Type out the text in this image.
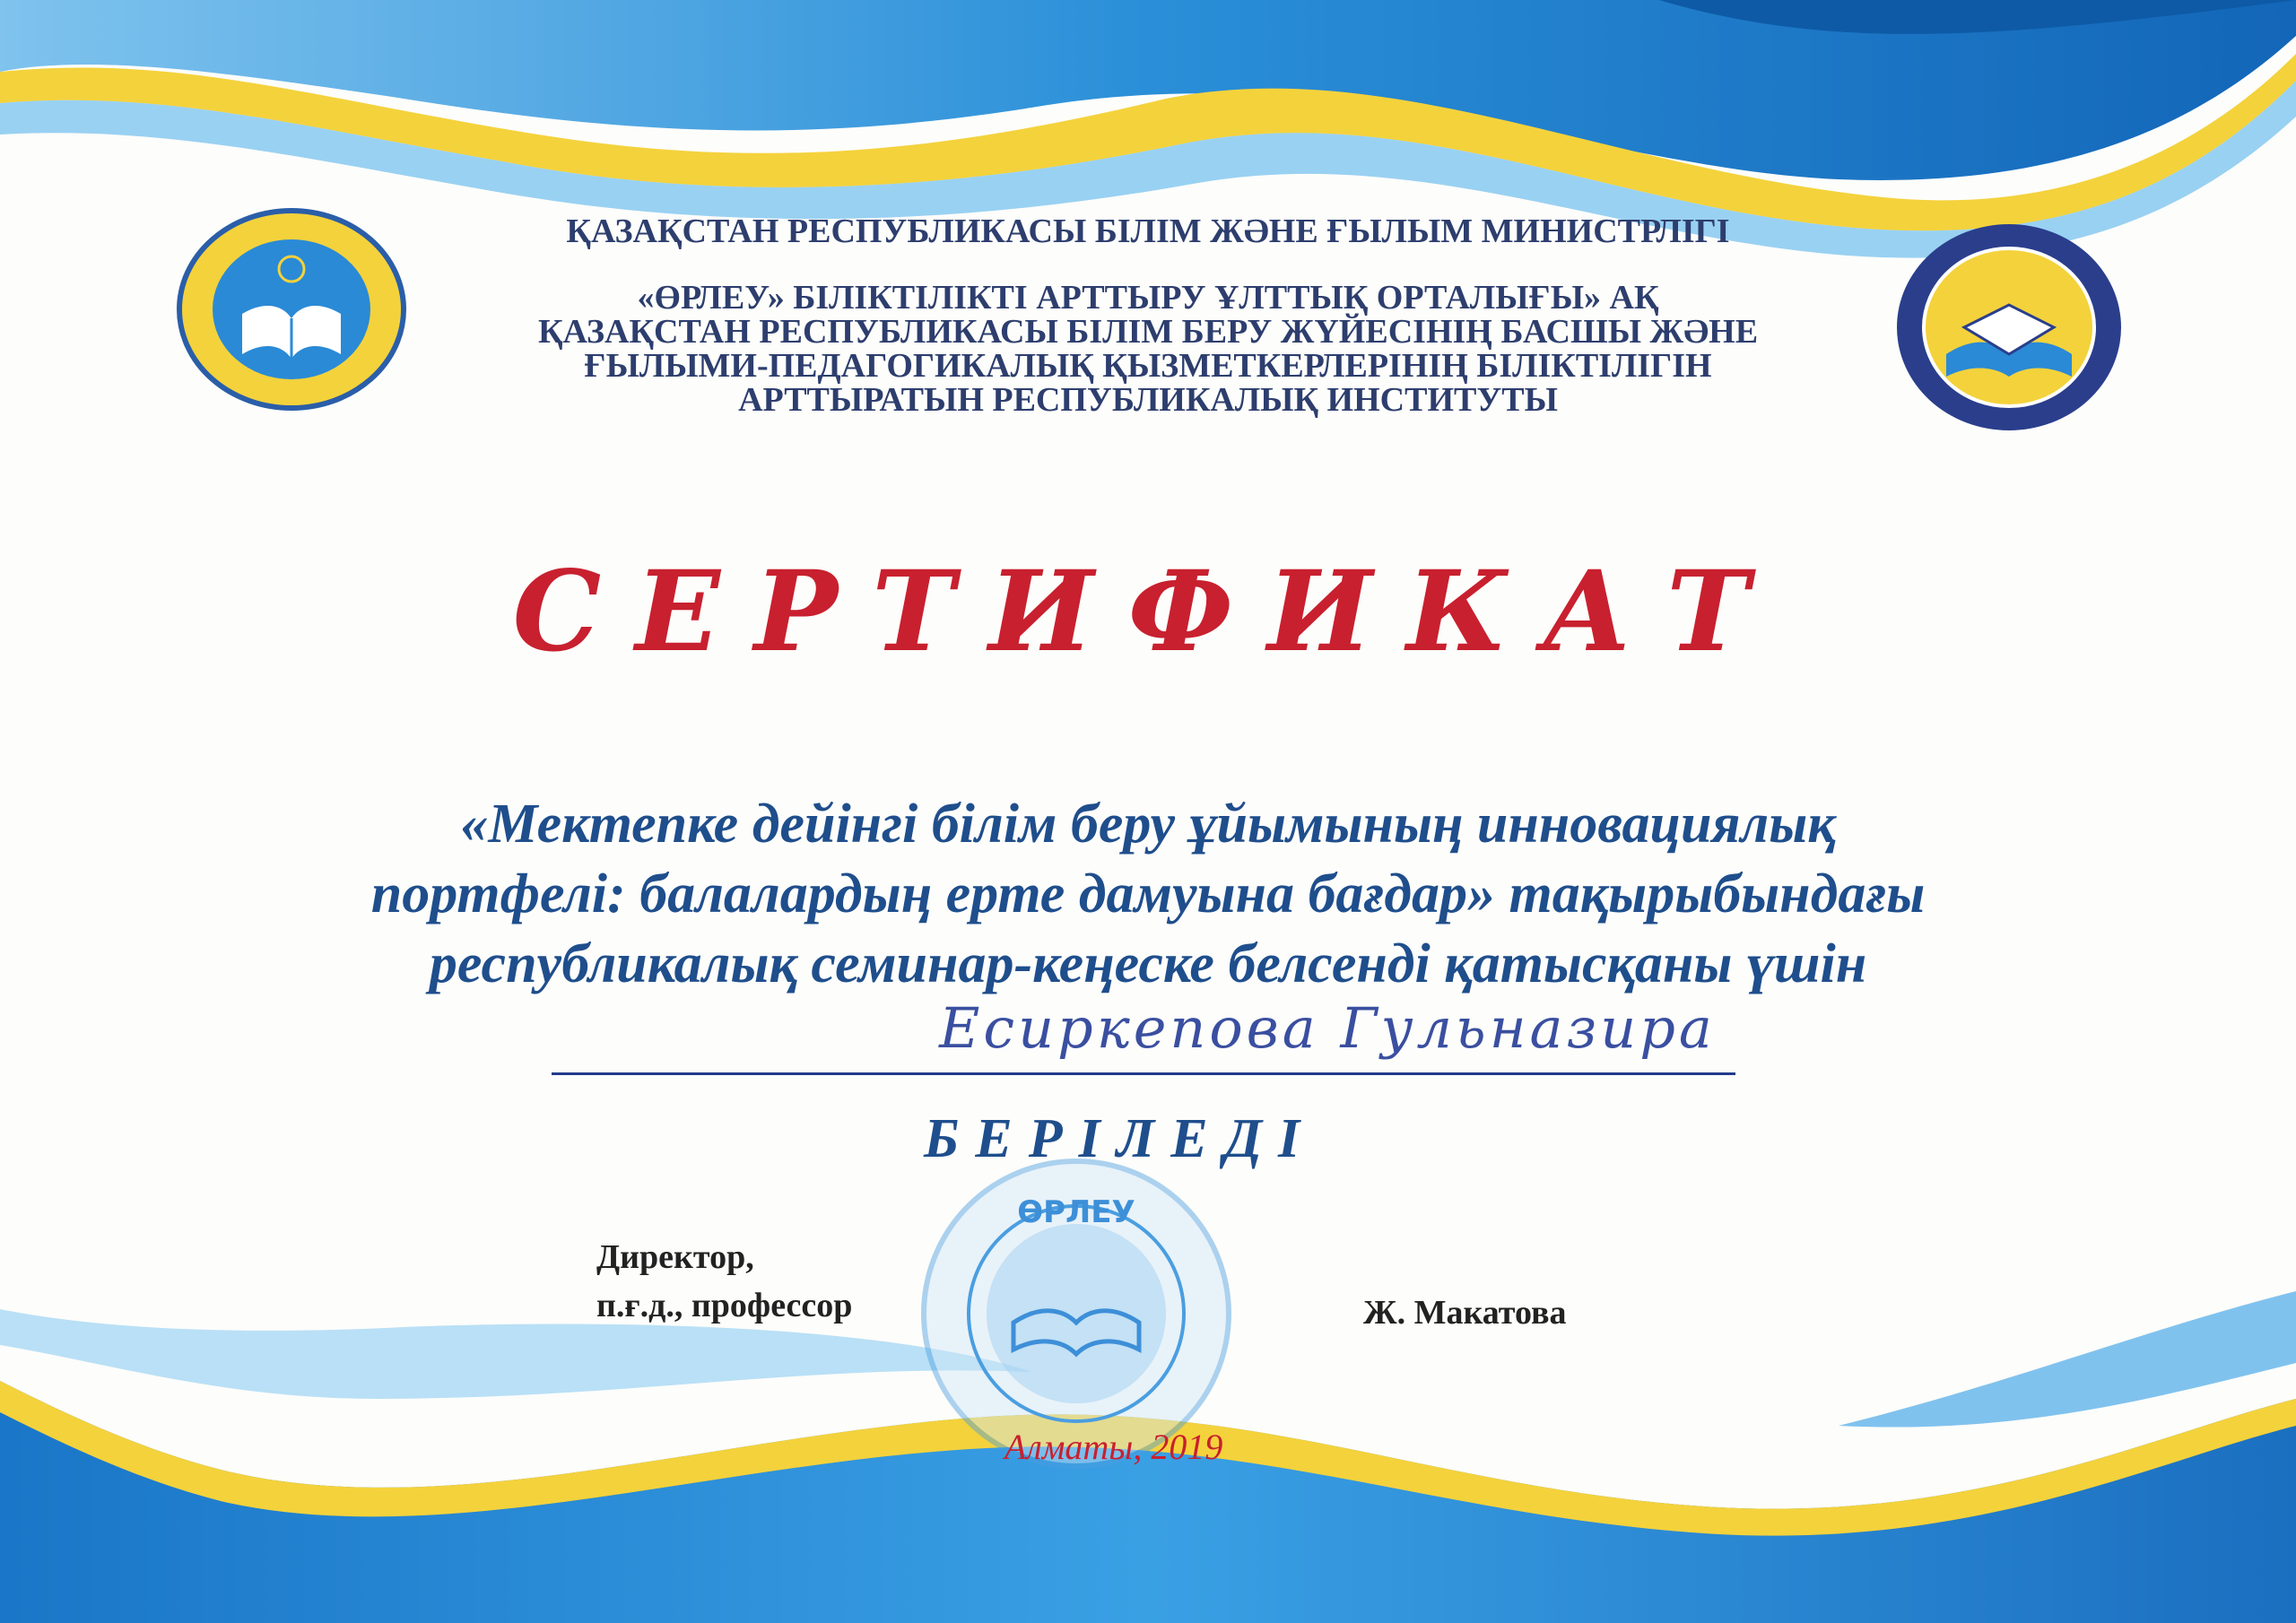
ҚАЗАҚСТАН РЕСПУБЛИКАСЫ БІЛІМ ЖӘНЕ ҒЫЛЫМ МИНИСТРЛІГІ
«ӨРЛЕУ» БІЛІКТІЛІКТІ АРТТЫРУ ҰЛТТЫҚ ОРТАЛЫҒЫ» АҚ
ҚАЗАҚСТАН РЕСПУБЛИКАСЫ БІЛІМ БЕРУ ЖҮЙЕСІНІҢ БАСШЫ ЖӘНЕ
ҒЫЛЫМИ-ПЕДАГОГИКАЛЫҚ ҚЫЗМЕТКЕРЛЕРІНІҢ БІЛІКТІЛІГІН
АРТТЫРАТЫН РЕСПУБЛИКАЛЫҚ ИНСТИТУТЫ
СЕРТИФИКАТ
«Мектепке дейінгі білім беру ұйымының инновациялық
портфелі: балалардың ерте дамуына бағдар» тақырыбындағы
республикалық семинар-кеңеске белсенді қатысқаны үшін
Есиркепова Гульназира
БЕРІЛЕДІ
Директор,
п.ғ.д., профессор	Ж. Макатова
ӨРЛЕУ
Алматы, 2019
